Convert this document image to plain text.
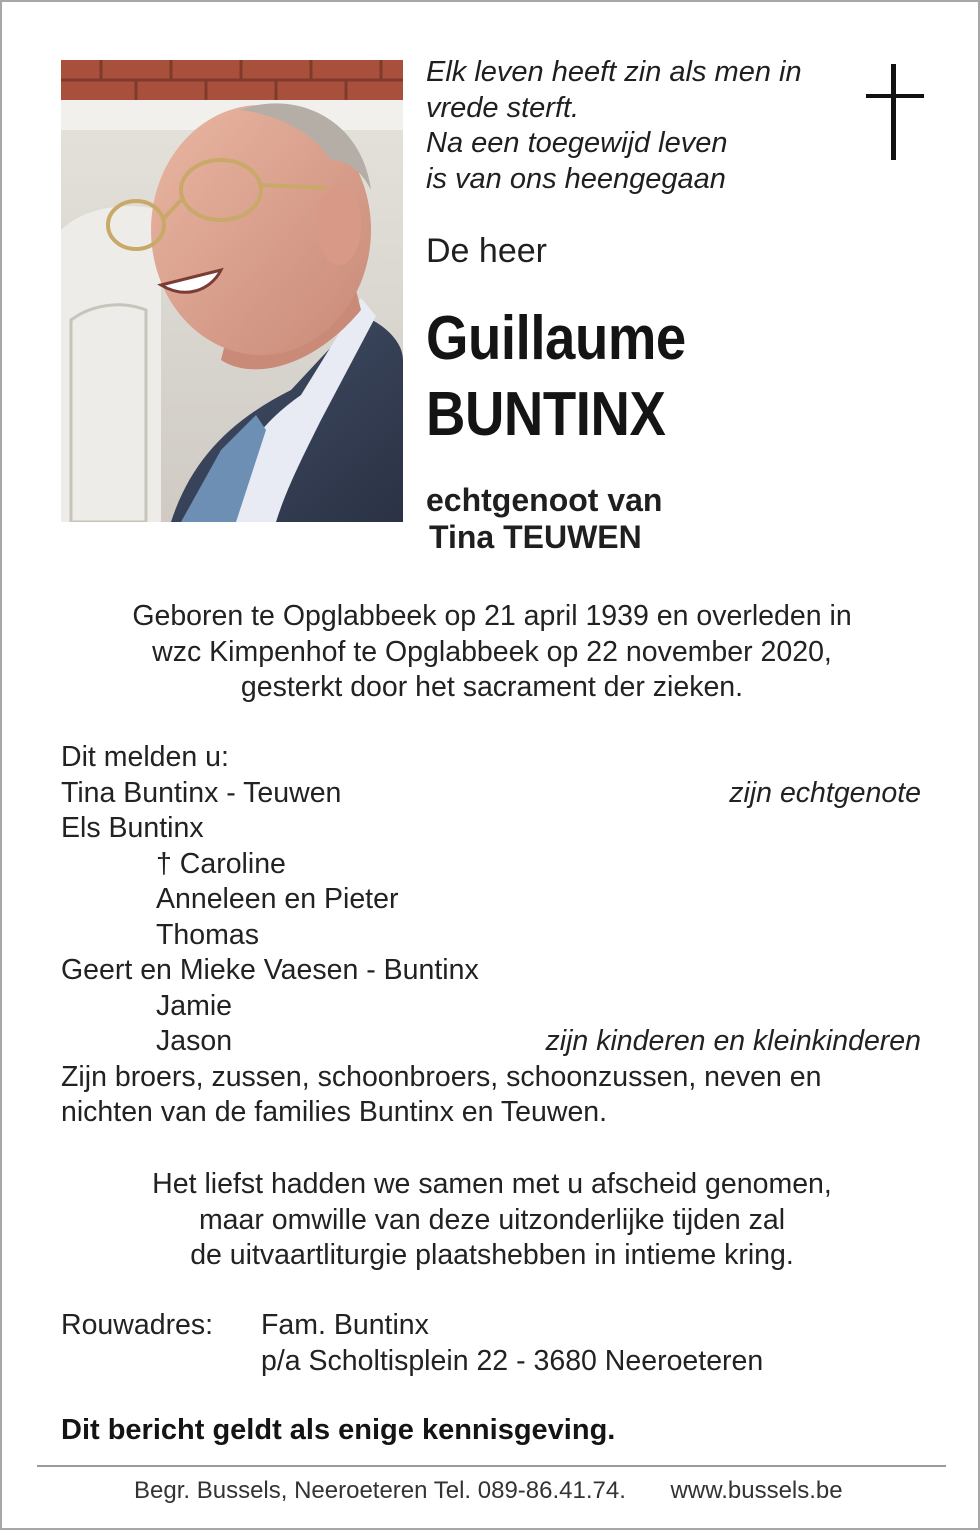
Elk leven heeft zin als men in
vrede sterft.
Na een toegewijd leven
is van ons heengegaan
De heer
Guillaume
BUNTINX
echtgenoot van
Tina TEUWEN
Geboren te Opglabbeek op 21 april 1939 en overleden in
wzc Kimpenhof te Opglabbeek op 22 november 2020,
gesterkt door het sacrament der zieken.
Dit melden u:
Tina Buntinx - Teuwen	zijn echtgenote
Els Buntinx
† Caroline
Anneleen en Pieter
Thomas
Geert en Mieke Vaesen - Buntinx
Jamie
Jason	zijn kinderen en kleinkinderen
Zijn broers, zussen, schoonbroers, schoonzussen, neven en
nichten van de families Buntinx en Teuwen.
Het liefst hadden we samen met u afscheid genomen,
maar omwille van deze uitzonderlijke tijden zal
de uitvaartliturgie plaatshebben in intieme kring.
Rouwadres: Fam. Buntinx
p/a Scholtisplein 22 - 3680 Neeroeteren
Dit bericht geldt als enige kennisgeving.
Begr. Bussels, Neeroeteren Tel. 089-86.41.74. www.bussels.be
